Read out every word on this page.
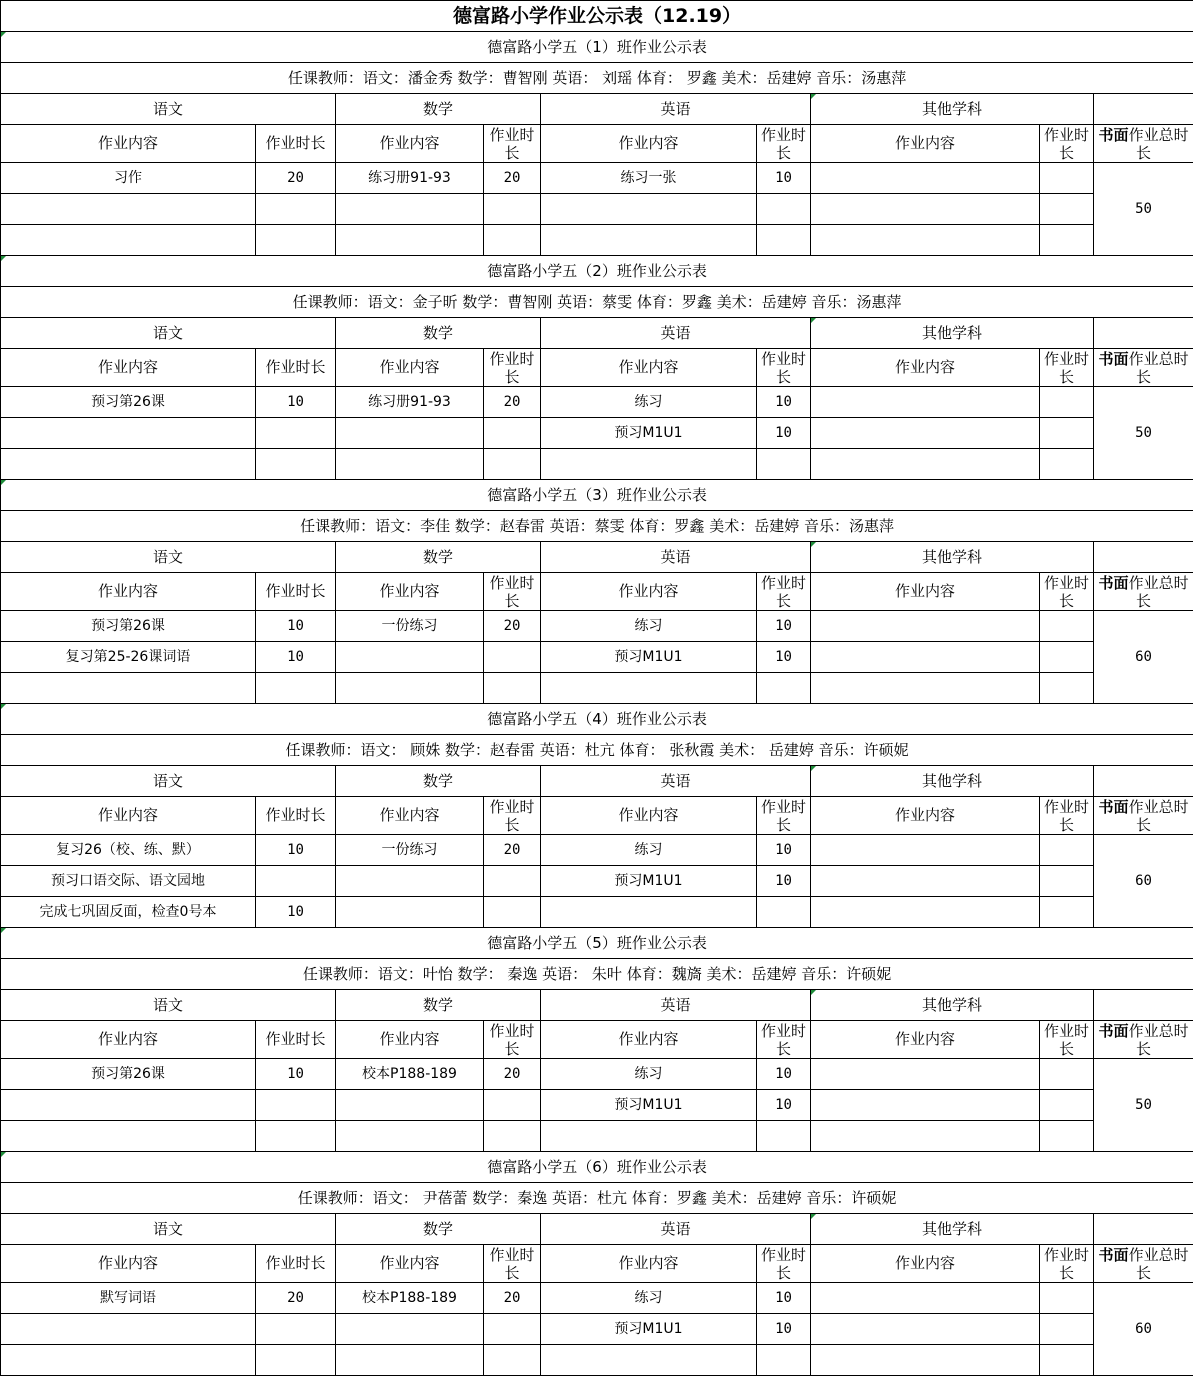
德富路小学作业公示表（12.19）								
德富路小学五（1）班作业公示表								
任课教师：语文：潘金秀 数学：曹智刚 英语： 刘瑶 体育： 罗鑫 美术：岳建婷 音乐：汤惠萍								
语文		数学		英语		其他学科		
作业内容	作业时长	作业内容	作业时长	作业内容	作业时长	作业内容	作业时长	书面作业总时长
习作	20	练习册91-93	20	练习一张	10			50

德富路小学五（2）班作业公示表								
任课教师：语文：金子昕 数学：曹智刚 英语：蔡雯 体育：罗鑫 美术：岳建婷 音乐：汤惠萍								
语文		数学		英语		其他学科		
作业内容	作业时长	作业内容	作业时长	作业内容	作业时长	作业内容	作业时长	书面作业总时长
预习第26课	10	练习册91-93	20	练习	10			50
				预习M1U1	10			

德富路小学五（3）班作业公示表								
任课教师：语文：李佳 数学：赵春雷 英语：蔡雯 体育：罗鑫 美术：岳建婷 音乐：汤惠萍								
语文		数学		英语		其他学科		
作业内容	作业时长	作业内容	作业时长	作业内容	作业时长	作业内容	作业时长	书面作业总时长
预习第26课	10	一份练习	20	练习	10			60
复习第25-26课词语	10			预习M1U1	10			

德富路小学五（4）班作业公示表								
任课教师：语文： 顾姝 数学：赵春雷 英语：杜亢 体育： 张秋霞 美术： 岳建婷 音乐：许硕妮								
语文		数学		英语		其他学科		
作业内容	作业时长	作业内容	作业时长	作业内容	作业时长	作业内容	作业时长	书面作业总时长
复习26（校、练、默）	10	一份练习	20	练习	10			60
预习口语交际、语文园地				预习M1U1	10			
完成七巩固反面，检查0号本	10							
德富路小学五（5）班作业公示表								
任课教师：语文：叶怡 数学： 秦逸 英语： 朱叶 体育：魏旖 美术：岳建婷 音乐：许硕妮								
语文		数学		英语		其他学科		
作业内容	作业时长	作业内容	作业时长	作业内容	作业时长	作业内容	作业时长	书面作业总时长
预习第26课	10	校本P188-189	20	练习	10			50
				预习M1U1	10			

德富路小学五（6）班作业公示表								
任课教师：语文： 尹蓓蕾 数学：秦逸 英语：杜亢 体育：罗鑫 美术：岳建婷 音乐：许硕妮								
语文		数学		英语		其他学科		
作业内容	作业时长	作业内容	作业时长	作业内容	作业时长	作业内容	作业时长	书面作业总时长
默写词语	20	校本P188-189	20	练习	10			60
				预习M1U1	10			
